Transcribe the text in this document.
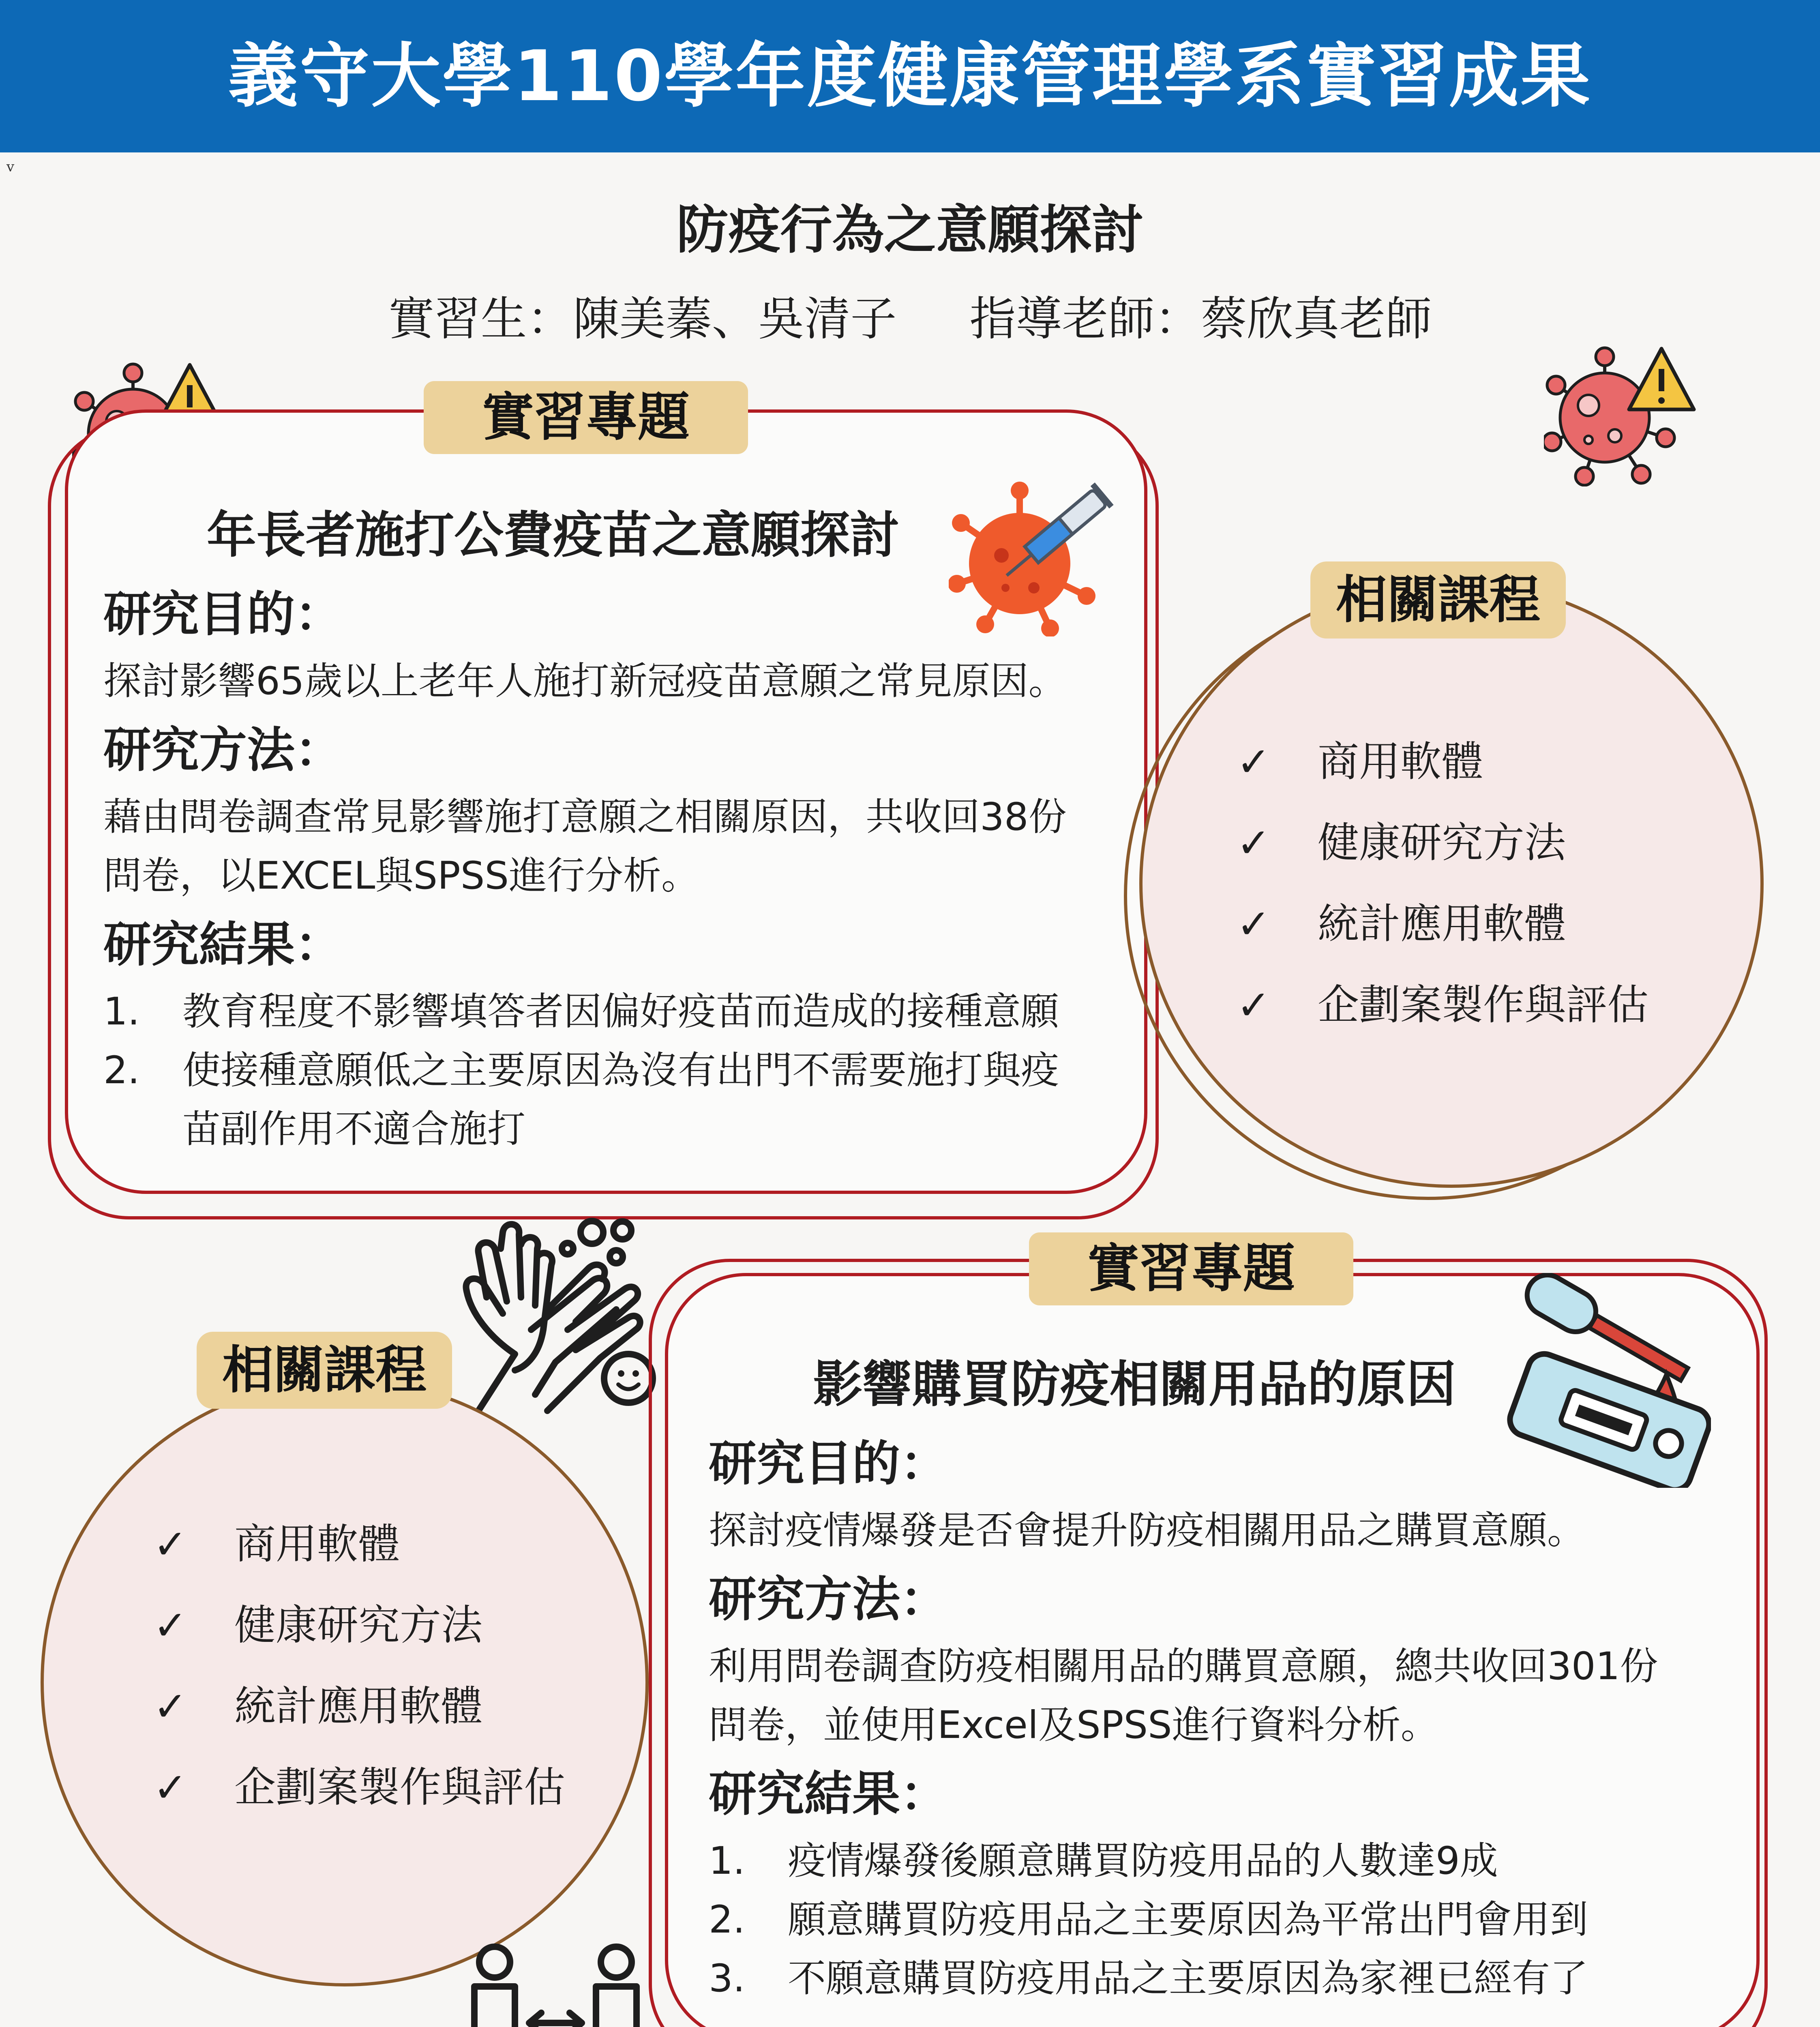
義守大學110學年度健康管理學系實習成果
v
防疫行為之意願探討
實習生：陳美蓁、吳清子 指導老師：蔡欣真老師
實習專題
年長者施打公費疫苗之意願探討
研究目的：
探討影響65歲以上老年人施打新冠疫苗意願之常見原因。
研究方法：
藉由問卷調查常見影響施打意願之相關原因，共收回38份
問卷，以EXCEL與SPSS進行分析。
研究結果：
1.	教育程度不影響填答者因偏好疫苗而造成的接種意願
2.	使接種意願低之主要原因為沒有出門不需要施打與疫
苗副作用不適合施打
相關課程
✓	商用軟體
✓	健康研究方法
✓	統計應用軟體
✓	企劃案製作與評估
實習專題
影響購買防疫相關用品的原因
研究目的：
探討疫情爆發是否會提升防疫相關用品之購買意願。
研究方法：
利用問卷調查防疫相關用品的購買意願，總共收回301份
問卷，並使用Excel及SPSS進行資料分析。
研究結果：
1.	疫情爆發後願意購買防疫用品的人數達9成
2.	願意購買防疫用品之主要原因為平常出門會用到
3.	不願意購買防疫用品之主要原因為家裡已經有了
相關課程
✓	商用軟體
✓	健康研究方法
✓	統計應用軟體
✓	企劃案製作與評估
